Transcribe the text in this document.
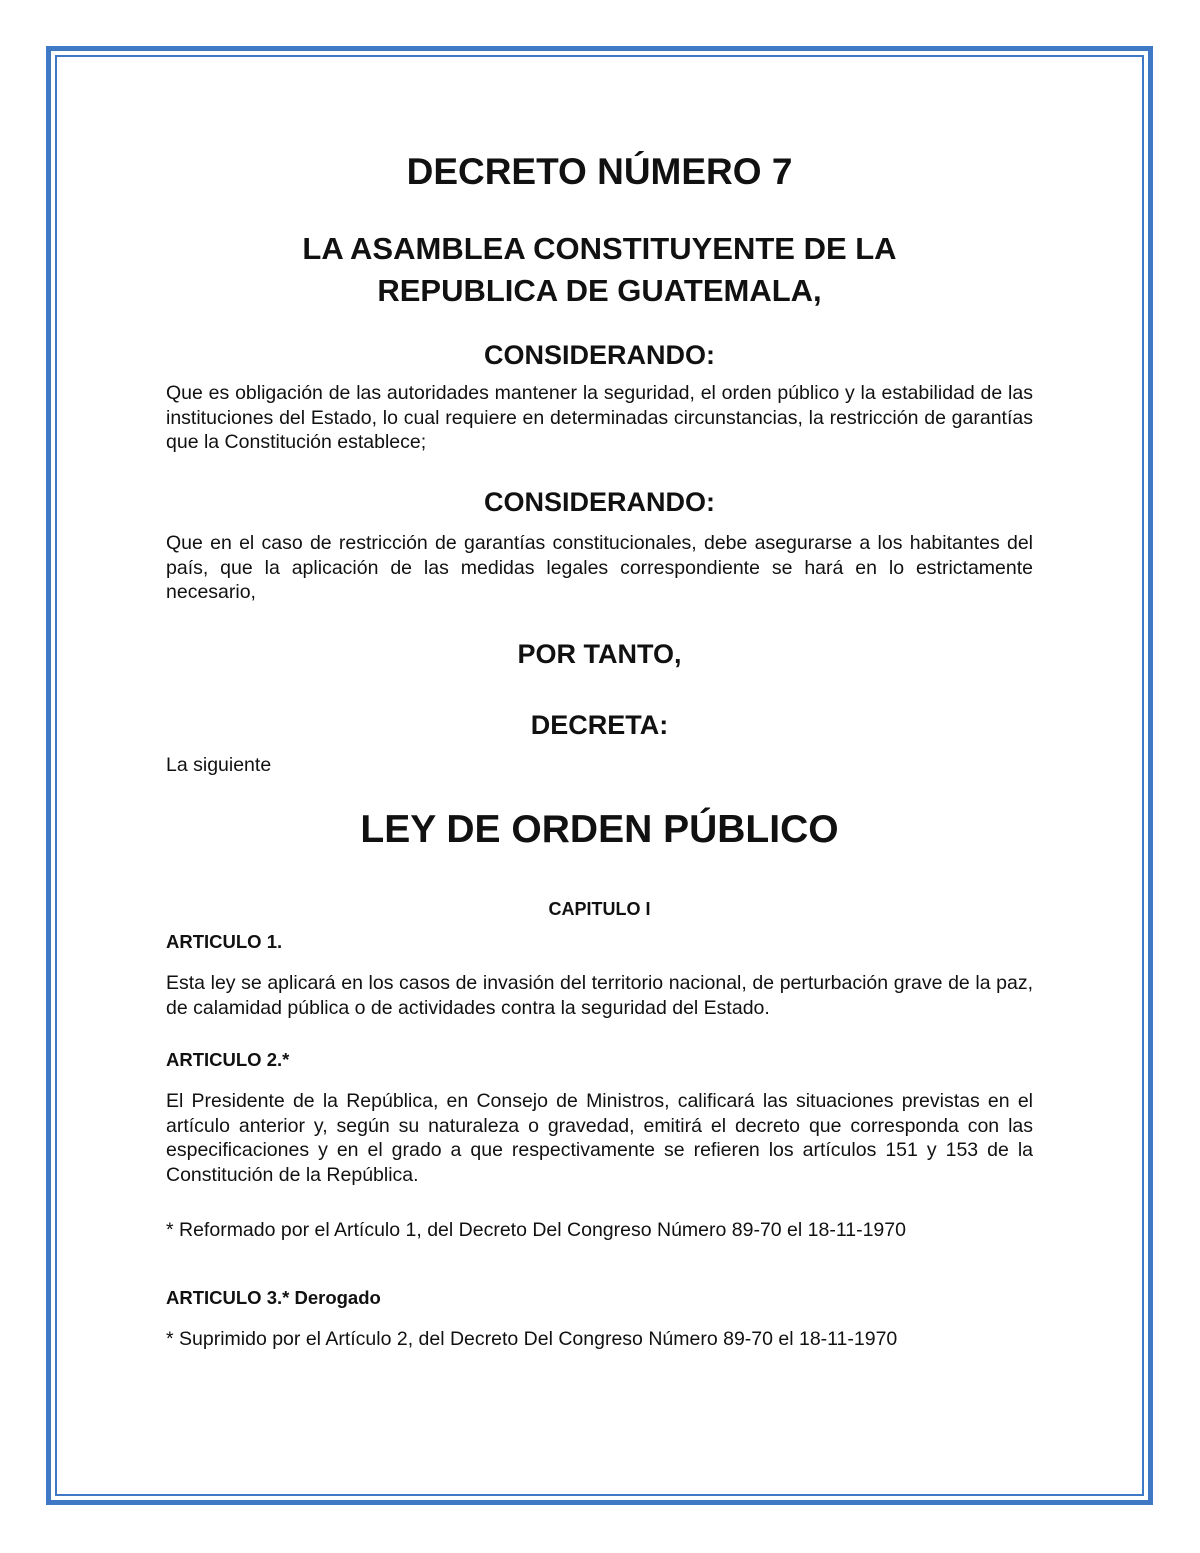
DECRETO NÚMERO 7
LA ASAMBLEA CONSTITUYENTE DE LA
REPUBLICA DE GUATEMALA,
CONSIDERANDO:

Que es obligación de las autoridades mantener la seguridad, el orden público y la estabilidad de las instituciones del Estado, lo cual requiere en determinadas circunstancias, la restricción de garantías que la Constitución establece;

CONSIDERANDO:

Que en el caso de restricción de garantías constitucionales, debe asegurarse a los habitantes del país, que la aplicación de las medidas legales correspondiente se hará en lo estrictamente necesario,

POR TANTO,
DECRETA:

La siguiente

LEY DE ORDEN PÚBLICO
CAPITULO I

ARTICULO 1.

Esta ley se aplicará en los casos de invasión del territorio nacional, de perturbación grave de la paz, de calamidad pública o de actividades contra la seguridad del Estado.

ARTICULO 2.*

El Presidente de la República, en Consejo de Ministros, calificará las situaciones previstas en el artículo anterior y, según su naturaleza o gravedad, emitirá el decreto que corresponda con las especificaciones y en el grado a que respectivamente se refieren los artículos 151 y 153 de la Constitución de la República.

* Reformado por el Artículo 1, del Decreto Del Congreso Número 89-70 el 18-11-1970

ARTICULO 3.* Derogado

* Suprimido por el Artículo 2, del Decreto Del Congreso Número 89-70 el 18-11-1970
